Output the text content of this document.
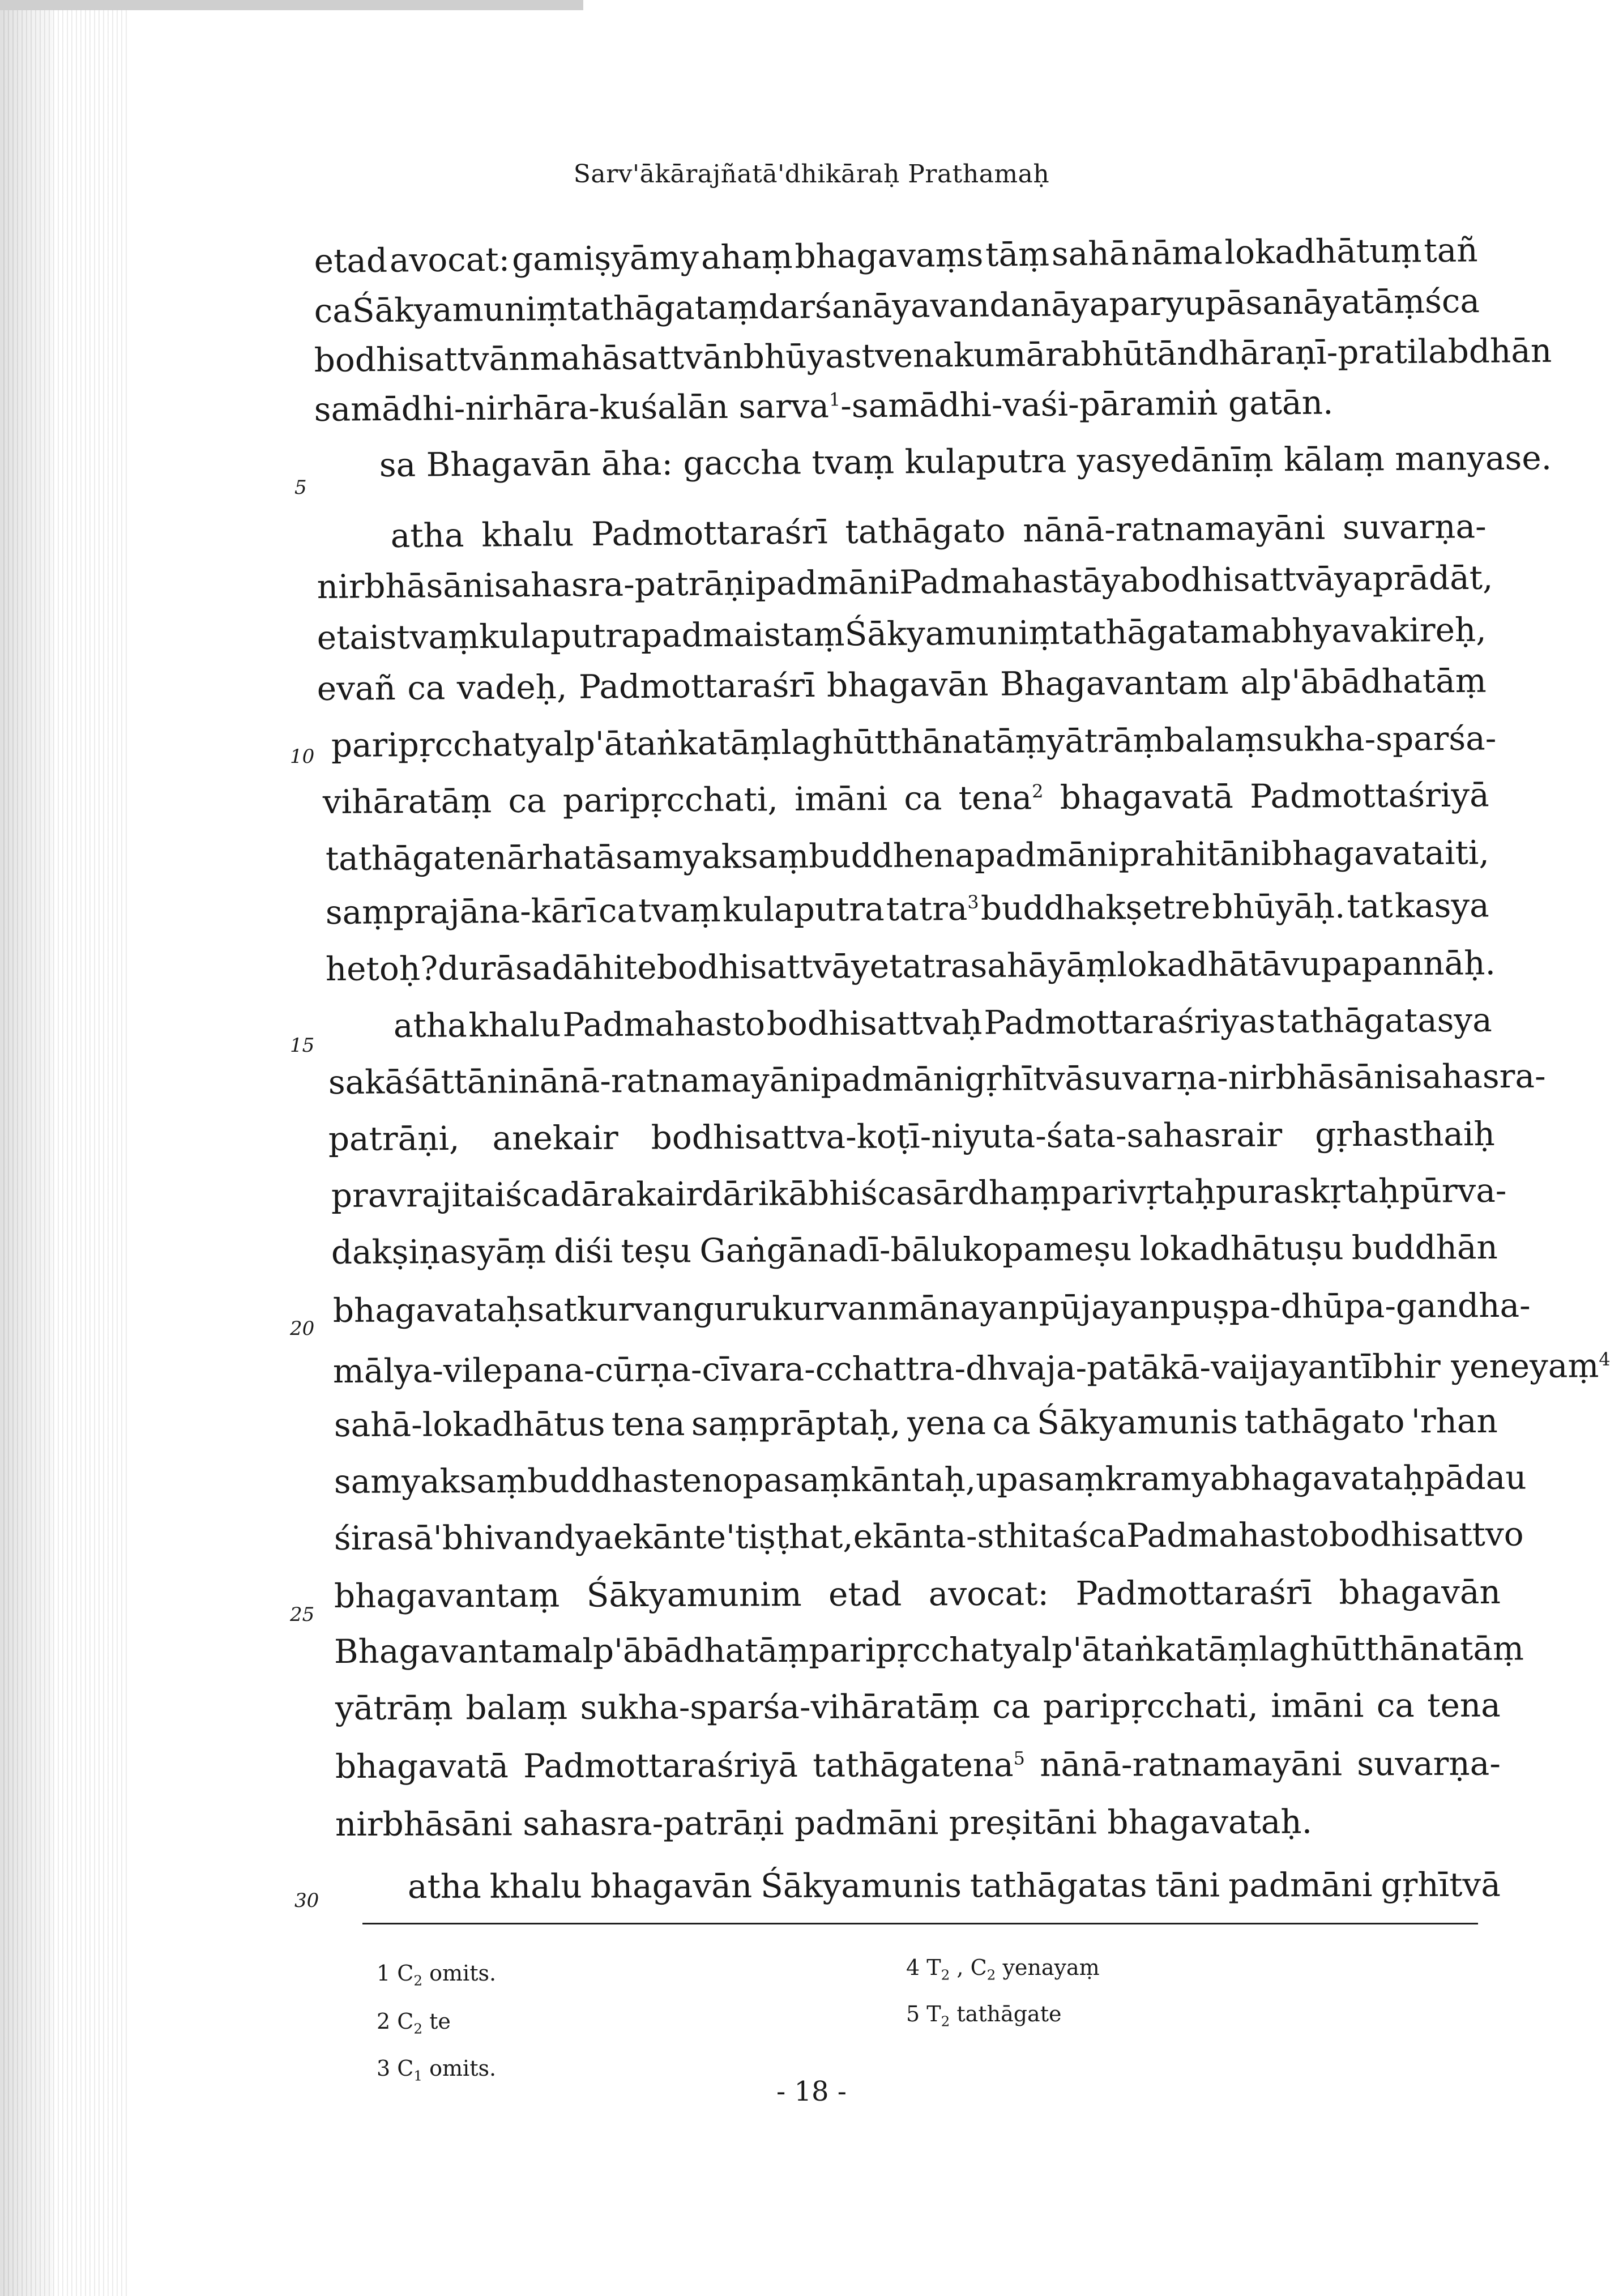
Sarv'ākārajñatā'dhikāraḥ Prathamaḥ
etad avocat: gamiṣyāmy ahaṃ bhagavaṃs tāṃ sahā nāma lokadhātuṃ tañ
ca Śākyamuniṃ tathāgataṃ darśanāya vandanāya paryupāsanāya tāṃś ca
bodhisattvān mahāsattvān bhūyastvena kumārabhūtān dhāraṇī-pratilabdhān
samādhi-nirhāra-kuśalān sarva$^1$-samādhi-vaśi-pāramiṅ gatān.
sa Bhagavān āha: gaccha tvaṃ kulaputra yasyedānīṃ kālaṃ manyase.
atha khalu Padmottaraśrī tathāgato nānā-ratnamayāni suvarṇa-
nirbhāsāni sahasra-patrāṇi padmāni Padmahastāya bodhisattvāya prādāt,
etais tvaṃ kulaputra padmais taṃ Śākyamuniṃ tathāgatam abhyavakireḥ,
evañ ca vadeḥ, Padmottaraśrī bhagavān Bhagavantam alp'ābādhatāṃ
paripṛcchaty alp'ātaṅkatāṃ laghūtthānatāṃ yātrāṃ balaṃ sukha-sparśa-
vihāratāṃ ca paripṛcchati, imāni ca tena$^2$ bhagavatā Padmottaśriyā
tathāgatenārhatā samyaksaṃbuddhena padmāni prahitāni bhagavata iti,
saṃprajāna-kārī ca tvaṃ kulaputra tatra$^3$ buddhakṣetre bhūyāḥ. tat kasya
hetoḥ? durāsadā hi te bodhisattvā ye tatra sahāyāṃ lokadhātāv upapannāḥ.
atha khalu Padmahasto bodhisattvaḥ Padmottaraśriyas tathāgatasya
sakāśāt tāni nānā-ratnamayāni padmāni gṛhītvā suvarṇa-nirbhāsāni sahasra-
patrāṇi, anekair bodhisattva-koṭī-niyuta-śata-sahasrair gṛhasthaiḥ
pravrajitaiś ca dārakair dārikābhiś ca sārdhaṃ parivṛtaḥ puraskṛtaḥ pūrva-
dakṣiṇasyāṃ diśi teṣu Gaṅgānadī-bālukopameṣu lokadhātuṣu buddhān
bhagavataḥ satkurvan gurukurvan mānayan pūjayan puṣpa-dhūpa-gandha-
mālya-vilepana-cūrṇa-cīvara-cchattra-dhvaja-patākā-vaijayantībhir yeneyaṃ$^4$
sahā-lokadhātus tena saṃprāptaḥ, yena ca Śākyamunis tathāgato 'rhan
samyaksaṃbuddhas tenopasaṃkāntaḥ, upasaṃkramya bhagavataḥ pādau
śirasā 'bhivandya ekānte 'tiṣṭhat, ekānta-sthitaś ca Padmahasto bodhisattvo
bhagavantaṃ Śākyamunim etad avocat: Padmottaraśrī bhagavān
Bhagavantam alp'ābādhatāṃ paripṛcchaty alp'ātaṅkatāṃ laghūtthānatāṃ
yātrāṃ balaṃ sukha-sparśa-vihāratāṃ ca paripṛcchati, imāni ca tena
bhagavatā Padmottaraśriyā tathāgatena$^5$ nānā-ratnamayāni suvarṇa-
nirbhāsāni sahasra-patrāṇi padmāni preṣitāni bhagavataḥ.
atha khalu bhagavān Śākyamunis tathāgatas tāni padmāni gṛhītvā
5
10
15
20
25
30
1 $C_2$ omits.
2 $C_2$ te
3 $C_1$ omits.
4 $T_2$ , $C_2$ yenayaṃ
5 $T_2$ tathāgate
- 18 -
